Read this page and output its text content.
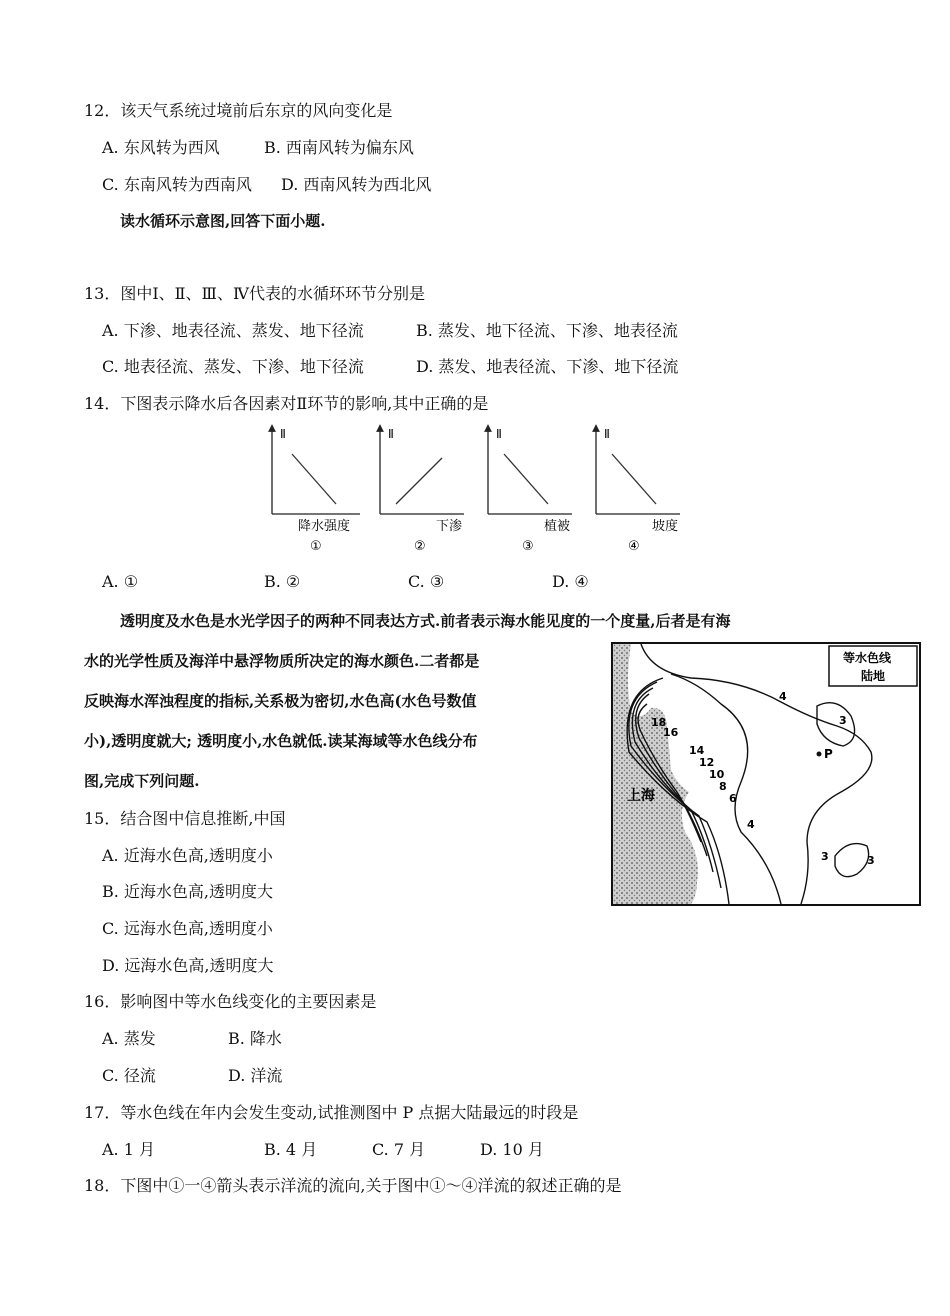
12．该天气系统过境前后东京的风向变化是
A. 东风转为西风	B. 西南风转为偏东风
C. 东南风转为西南风 D. 西南风转为西北风
读水循环示意图,回答下面小题.
13．图中Ⅰ、Ⅱ、Ⅲ、Ⅳ代表的水循环环节分别是
A. 下渗、地表径流、蒸发、地下径流	B. 蒸发、地下径流、下渗、地表径流
C. 地表径流、蒸发、下渗、地下径流	D. 蒸发、地表径流、下渗、地下径流
14．下图表示降水后各因素对Ⅱ环节的影响,其中正确的是
Ⅱ
降水强度
①
Ⅱ
下渗
②
Ⅱ
植被
③
Ⅱ
坡度
④
A. ①	B. ②	C. ③	D. ④
透明度及水色是水光学因子的两种不同表达方式.前者表示海水能见度的一个度量,后者是有海
水的光学性质及海洋中悬浮物质所决定的海水颜色.二者都是
反映海水浑浊程度的指标,关系极为密切,水色高(水色号数值
小),透明度就大; 透明度小,水色就低.读某海域等水色线分布
图,完成下列问题.
等水色线
陆地
上海
P
18
16
14
12
10
8
6
4
4
3
3	3
15．结合图中信息推断,中国
A. 近海水色高,透明度小
B. 近海水色高,透明度大
C. 远海水色高,透明度小
D. 远海水色高,透明度大
16．影响图中等水色线变化的主要因素是
A. 蒸发	B. 降水
C. 径流	D. 洋流
17．等水色线在年内会发生变动,试推测图中 P 点据大陆最远的时段是
A. 1 月	B. 4 月	C. 7 月	D. 10 月
18．下图中①一④箭头表示洋流的流向,关于图中①～④洋流的叙述正确的是
